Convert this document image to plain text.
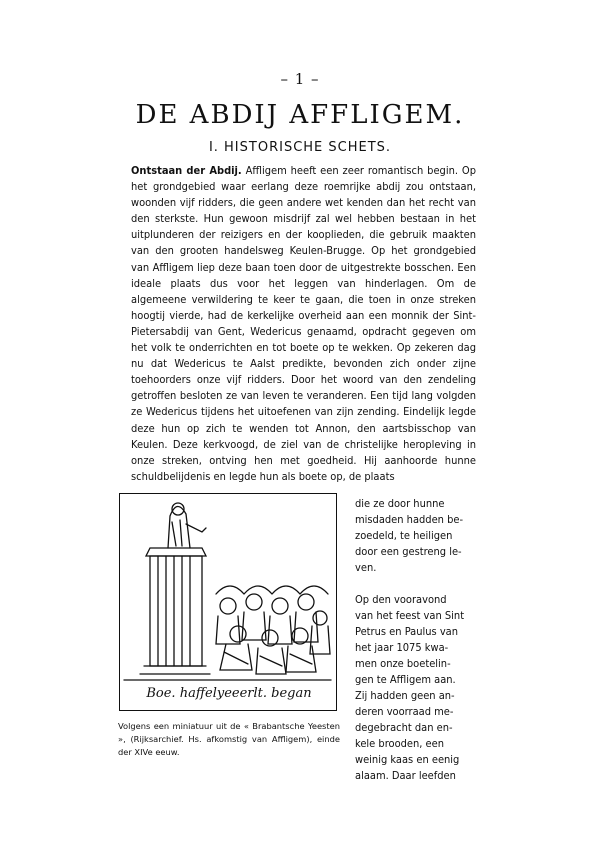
– 1 –
DE ABDIJ AFFLIGEM.
I. HISTORISCHE SCHETS.

Ontstaan der Abdij. Affligem heeft een zeer romantisch begin. Op het grondgebied waar eerlang deze roemrijke abdij zou ontstaan, woonden vijf ridders, die geen andere wet kenden dan het recht van den sterkste. Hun gewoon misdrijf zal wel hebben bestaan in het uitplunderen der reizigers en der kooplieden, die gebruik maakten van den grooten handelsweg Keulen-Brugge. Op het grondgebied van Affligem liep deze baan toen door de uitgestrekte bosschen. Een ideale plaats dus voor het leggen van hinderlagen. Om de algemeene verwildering te keer te gaan, die toen in onze streken hoogtij vierde, had de kerkelijke overheid aan een monnik der Sint-Pietersabdij van Gent, Wedericus genaamd, opdracht gegeven om het volk te onderrichten en tot boete op te wekken. Op zekeren dag nu dat Wedericus te Aalst predikte, bevonden zich onder zijne toehoorders onze vijf ridders. Door het woord van den zendeling getroffen besloten ze van leven te veranderen. Een tijd lang volgden ze Wedericus tijdens het uitoefenen van zijn zending. Eindelijk legde deze hun op zich te wenden tot Annon, den aartsbisschop van Keulen. Deze kerkvoogd, de ziel van de christelijke heropleving in onze streken, ontving hen met goedheid. Hij aanhoorde hunne schuldbelijdenis en legde hun als boete op, de plaats

Boe. haffelyeeerlt. began

Volgens een miniatuur uit de « Brabantsche Yeesten », (Rijksarchief. Hs. afkomstig van Affligem), einde der XIVe eeuw.

die ze door hunne
misdaden hadden be-
zoedeld, te heiligen
door een gestreng le-
ven.

Op den vooravond
van het feest van Sint
Petrus en Paulus van
het jaar 1075 kwa-
men onze boetelin-
gen te Affligem aan.
Zij hadden geen an-
deren voorraad me-
degebracht dan en-
kele brooden, een
weinig kaas en eenig
alaam. Daar leefden
